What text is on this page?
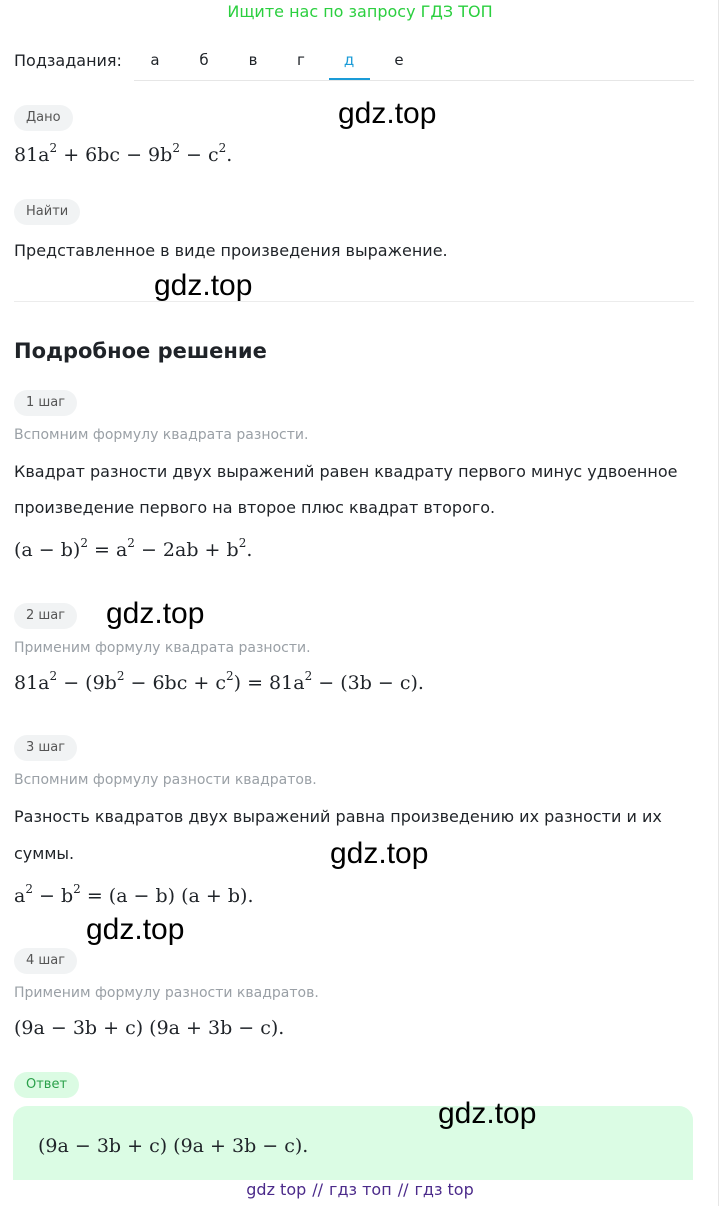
Ищите нас по запросу ГДЗ ТОП
Подзадания:	а	б	в	г	д	е
Дано
$81a^2 + 6bc - 9b^2 - c^2$.
Найти
Представленное в виде произведения выражение.
Подробное решение
1 шаг
Вспомним формулу квадрата разности.
Квадрат разности двух выражений равен квадрату первого минус удвоенное
произведение первого на второе плюс квадрат второго.
$(a - b)^2 = a^2 - 2ab + b^2$.
2 шаг
Применим формулу квадрата разности.
$81a^2 - (9b^2 - 6bc + c^2) = 81a^2 - (3b - c)$.
3 шаг
Вспомним формулу разности квадратов.
Разность квадратов двух выражений равна произведению их разности и их
суммы.
$a^2 - b^2 = (a - b) (a + b)$.
4 шаг
Применим формулу разности квадратов.
(9a − 3b + c) (9a + 3b − c).
Ответ
(9a − 3b + c) (9a + 3b − c).
gdz.top
gdz.top
gdz.top
gdz.top
gdz.top
gdz.top
gdz top // гдз топ // гдз top
